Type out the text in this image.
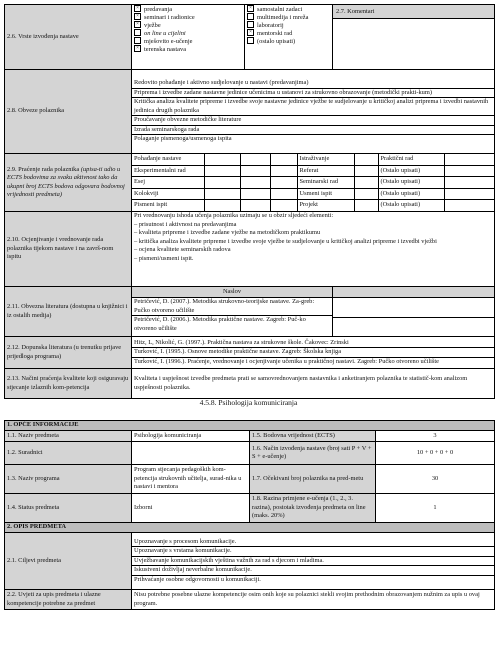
2.6. Vrste izvođenja nastave	
× predavanja
× seminari i radionice
× vježbe
on line u cijelini
mješovito e-učenje
× terenska nastava

× samostalni zadaci
multimedija i mreža
laboratorij
× mentorski rad
(ostalo upisati)

2.7. Komentari

2.8. Obveze polaznika	
Redovito pohađanje i aktivno sudjelovanje u nastavi (predavanjima)
Priprema i izvedbe zadane nastavne jedinice učenicima u ustanovi za strukovno obrazovanje (metodički prakti-kum)
Kritička analiza kvalitete pripreme i izvedbe svoje nastavne jedinice vježbe te sudjelovanje u kritičkoj analizi pripremа i izvedbi nastavnih jedinica drugih polaznika
Proučavanje obvezne metodičke literature
Izrada seminarskoga rada
Polaganje pismenoga/usmenoga ispita

2.9. Praćenje rada polaznika (upisa-ti udio u ECTS bodovima za svaku aktivnost tako da ukupni broj ECTS bodova odgovara bodovnoj vrijednosti predmeta)	
Pohađanje nastave				Istraživanje		Praktični rad	
Eksperimentalni rad				Referat		(Ostalo upisati)	
Esej				Seminarski rad		(Ostalo upisati)	
Kolokviji				Usmeni ispit		(Ostalo upisati)	
Pismeni ispit				Projekt		(Ostalo upisati)	

2.10. Ocjenjivanje i vrednovanje rada polaznika tijekom nastave i na završ-nom ispitu	

Pri vrednovanju ishoda učenja polaznika uzimaju se u obzir sljedeći elementi:

– prisutnost i aktivnost na predavanjima

– kvaliteta pripreme i izvedbe zadane vježbe na metodičkom praktikumu

– kritička analiza kvalitete pripreme i izvedbe svoje vježbe te sudjelovanje u kritičkoj analizi pripreme i izvedbi vježbi

– ocjena kvalitete seminarskih radova

– pismeni/usmeni ispit.

2.11. Obvezna literatura (dostupna u knjižnici i iz ostalih medija)	
Naslov
Petričević, D. (2007.). Metodika strukovno-teorijske nastave. Za-greb: Pučko otvoreno učilište
Petričević, D. (2006.). Metodika praktične nastave. Zagreb: Puč-ko otvoreno učilište

2.12. Dopunska literatura (u trenutku prijave prijedloga programa)	
Hitz, L, Nikolić, G. (1997.). Praktična nastava za strukovne škole. Čakovec: Zrinski
Turković, I. (1995.). Osnove metodike praktične nastave. Zagreb: Školska knjiga
Turković, I. (1996.). Praćenje, vrednovanje i ocjenjivanje učenika u praktičnoj nastavi. Zagreb: Pučko otvoreno učilište

2.13. Načini praćenja kvalitete koji osiguravaju stjecanje izlaznih kom-petencija	Kvaliteta i uspješnost izvedbe predmeta prati se samovrednovanjem nastavnika i anketiranjem polaznika te statistič-kom analizom uspješnosti polaznika.
4.5.8. Psihologija komuniciranja
1. OPĆE INFORMACIJE			
1.1. Naziv predmeta	Psihologija komuniciranja	1.5. Bodovna vrijednost (ECTS)	3
1.2. Suradnici		1.6. Način izvođenja nastave (broj sati P + V + S + e-učenje)	10 + 0 + 0 + 0
1.3. Naziv programa	Program stjecanja pedagoških kom-petencija strukovnih učitelja, surad-nika u nastavi i mentora	1.7. Očekivani broj polaznika na pred-metu	30
1.4. Status predmeta	Izborni	1.8. Razina primjene e-učenja (1., 2., 3. razina), postotak izvođenja predmeta on line (maks. 20%)	1
2. OPIS PREDMETA			
2.1. Ciljevi predmeta	Upoznavanje s procesom komunikacije.
Upoznavanje s vrstama komunikacije.
Uvježbavanje komunikacijskih vještina važnih za rad s djecom i mladima.
Iskustveni doživljaj neverbalne komunikacije.
Prihvaćanje osobne odgovornosti u komunikaciji.		

2.2. Uvjeti za upis predmeta i ulazne kompetencije potrebne za predmet	Nisu potrebne posebne ulazne kompetencije osim onih koje su polaznici stekli svojim prethodnim obrazovanjem nužnim za upis u ovaj program.		
